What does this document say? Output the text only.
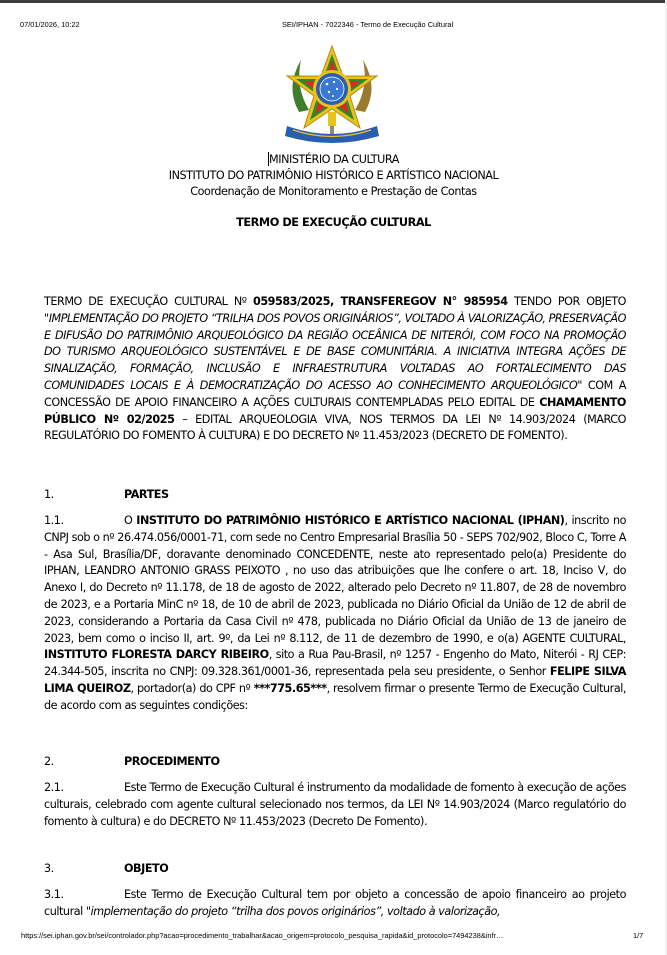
07/01/2026, 10:22	SEI/IPHAN - 7022346 - Termo de Execução Cultural
MINISTÉRIO DA CULTURA
INSTITUTO DO PATRIMÔNIO HISTÓRICO E ARTÍSTICO NACIONAL
Coordenação de Monitoramento e Prestação de Contas
TERMO DE EXECUÇÃO CULTURAL

TERMO DE EXECUÇÃO CULTURAL Nº 059583/2025, TRANSFEREGOV N° 985954 TENDO POR OBJETO "IMPLEMENTAÇÃO DO PROJETO “TRILHA DOS POVOS ORIGINÁRIOS”, VOLTADO À VALORIZAÇÃO, PRESERVAÇÃO E DIFUSÃO DO PATRIMÔNIO ARQUEOLÓGICO DA REGIÃO OCEÂNICA DE NITERÓI, COM FOCO NA PROMOÇÃO DO TURISMO ARQUEOLÓGICO SUSTENTÁVEL E DE BASE COMUNITÁRIA. A INICIATIVA INTEGRA AÇÕES DE SINALIZAÇÃO, FORMAÇÃO, INCLUSÃO E INFRAESTRUTURA VOLTADAS AO FORTALECIMENTO DAS COMUNIDADES LOCAIS E À DEMOCRATIZAÇÃO DO ACESSO AO CONHECIMENTO ARQUEOLÓGICO" COM A CONCESSÃO DE APOIO FINANCEIRO A AÇÕES CULTURAIS CONTEMPLADAS PELO EDITAL DE CHAMAMENTO PÚBLICO Nº 02/2025 – EDITAL ARQUEOLOGIA VIVA, NOS TERMOS DA LEI Nº 14.903/2024 (MARCO REGULATÓRIO DO FOMENTO À CULTURA) E DO DECRETO Nº 11.453/2023 (DECRETO DE FOMENTO).

1.	PARTES

1.1.	O INSTITUTO DO PATRIMÔNIO HISTÓRICO E ARTÍSTICO NACIONAL (IPHAN), inscrito no CNPJ sob o nº 26.474.056/0001-71, com sede no Centro Empresarial Brasília 50 - SEPS 702/902, Bloco C, Torre A - Asa Sul, Brasília/DF, doravante denominado CONCEDENTE, neste ato representado pelo(a) Presidente do IPHAN, LEANDRO ANTONIO GRASS PEIXOTO , no uso das atribuições que lhe confere o art. 18, Inciso V, do Anexo I, do Decreto nº 11.178, de 18 de agosto de 2022, alterado pelo Decreto nº 11.807, de 28 de novembro de 2023, e a Portaria MinC nº 18, de 10 de abril de 2023, publicada no Diário Oficial da União de 12 de abril de 2023, considerando a Portaria da Casa Civil nº 478, publicada no Diário Oficial da União de 13 de janeiro de 2023, bem como o inciso II, art. 9º, da Lei nº 8.112, de 11 de dezembro de 1990, e o(a) AGENTE CULTURAL, INSTITUTO FLORESTA DARCY RIBEIRO, sito a Rua Pau-Brasil, nº 1257 - Engenho do Mato, Niterói - RJ CEP: 24.344-505, inscrita no CNPJ: 09.328.361/0001-36, representada pela seu presidente, o Senhor FELIPE SILVA LIMA QUEIROZ, portador(a) do CPF nº ***775.65***, resolvem firmar o presente Termo de Execução Cultural, de acordo com as seguintes condições:

2.	PROCEDIMENTO

2.1.	Este Termo de Execução Cultural é instrumento da modalidade de fomento à execução de ações culturais, celebrado com agente cultural selecionado nos termos, da LEI Nº 14.903/2024 (Marco regulatório do fomento à cultura) e do DECRETO Nº 11.453/2023 (Decreto De Fomento).

3.	OBJETO

3.1.	Este Termo de Execução Cultural tem por objeto a concessão de apoio financeiro ao projeto cultural "implementação do projeto “trilha dos povos originários”, voltado à valorização,

https://sei.iphan.gov.br/sei/controlador.php?acao=procedimento_trabalhar&acao_origem=protocolo_pesquisa_rapida&id_protocolo=7494238&infr…	1/7
